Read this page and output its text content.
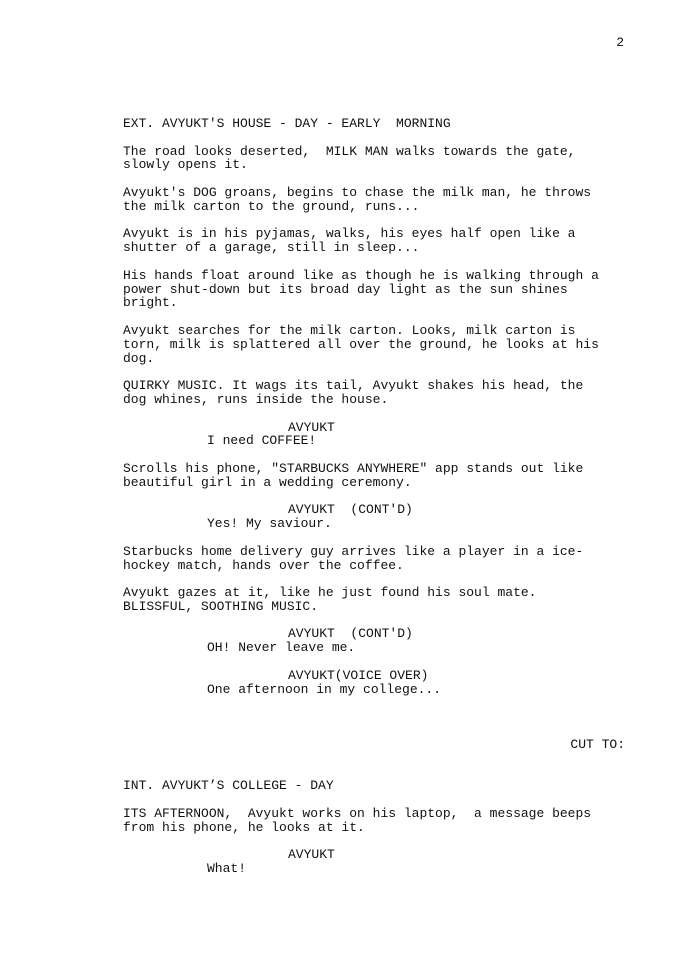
2
EXT. AVYUKT'S HOUSE - DAY - EARLY  MORNING
The road looks deserted,  MILK MAN walks towards the gate,
slowly opens it.
Avyukt's DOG groans, begins to chase the milk man, he throws
the milk carton to the ground, runs...
Avyukt is in his pyjamas, walks, his eyes half open like a
shutter of a garage, still in sleep...
His hands float around like as though he is walking through a
power shut-down but its broad day light as the sun shines
bright.
Avyukt searches for the milk carton. Looks, milk carton is
torn, milk is splattered all over the ground, he looks at his
dog.
QUIRKY MUSIC. It wags its tail, Avyukt shakes his head, the
dog whines, runs inside the house.
AVYUKT
I need COFFEE!
Scrolls his phone, "STARBUCKS ANYWHERE" app stands out like
beautiful girl in a wedding ceremony.
AVYUKT  (CONT'D)
Yes! My saviour.
Starbucks home delivery guy arrives like a player in a ice-
hockey match, hands over the coffee.
Avyukt gazes at it, like he just found his soul mate.
BLISSFUL, SOOTHING MUSIC.
AVYUKT  (CONT'D)
OH! Never leave me.
AVYUKT(VOICE OVER)
One afternoon in my college...
CUT TO:
INT. AVYUKT’S COLLEGE - DAY
ITS AFTERNOON,  Avyukt works on his laptop,  a message beeps
from his phone, he looks at it.
AVYUKT
What!
